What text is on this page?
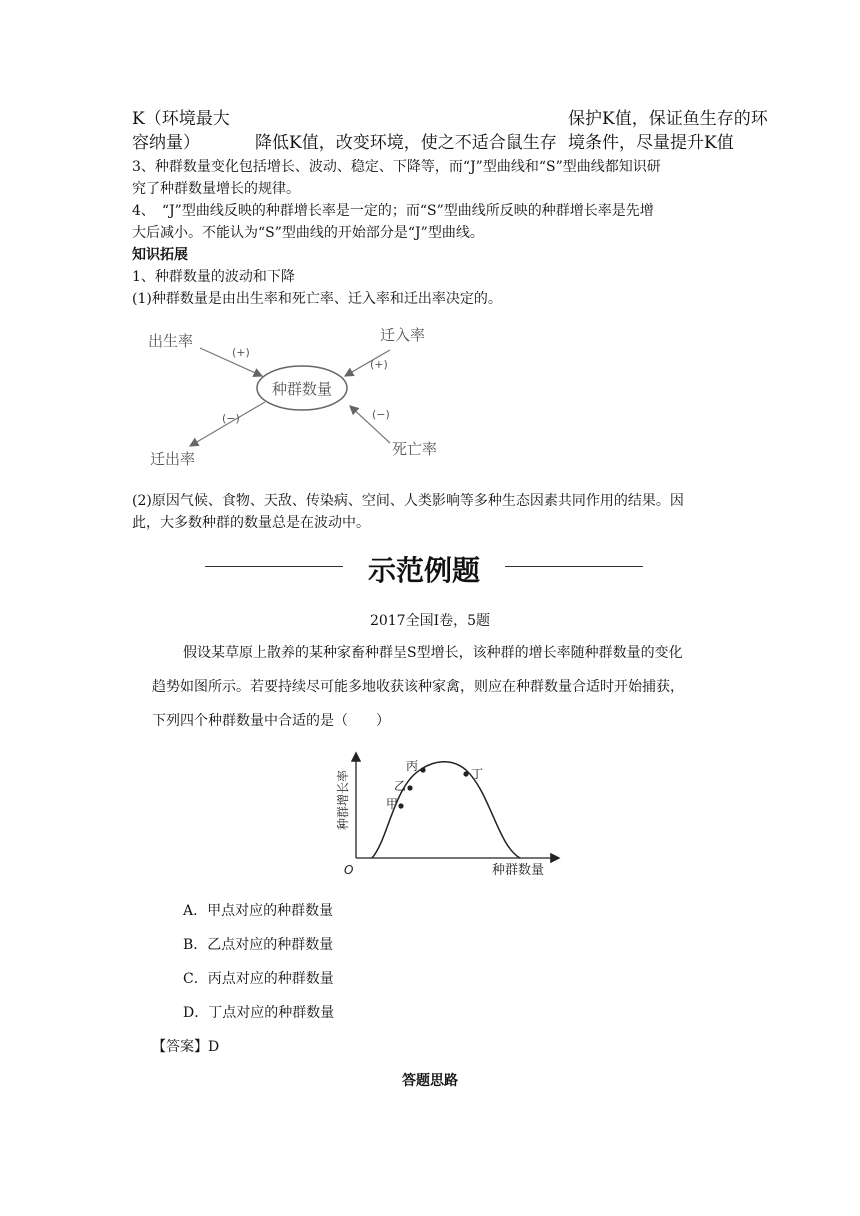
K（环境最大
容纳量）	降低K值，改变环境，使之不适合鼠生存
保护K值，保证鱼生存的环
境条件，尽量提升K值
3、种群数量变化包括增长、波动、稳定、下降等，而“J”型曲线和“S”型曲线都知识研
究了种群数量增长的规律。
4、　“J”型曲线反映的种群增长率是一定的；而“S”型曲线所反映的种群增长率是先增
大后减小。不能认为“S”型曲线的开始部分是“J”型曲线。
知识拓展
1、种群数量的波动和下降
(1)种群数量是由出生率和死亡率、迁入率和迁出率决定的。
种群数量
出生率
(+)
迁入率
(+)
迁出率
(−)
死亡率
(−)
(2)原因气候、食物、天敌、传染病、空间、人类影响等多种生态因素共同作用的结果。因
此，大多数种群的数量总是在波动中。
示范例题
2017全国Ⅰ卷，5题
假设某草原上散养的某种家畜种群呈S型增长，该种群的增长率随种群数量的变化
趋势如图所示。若要持续尽可能多地收获该种家禽，则应在种群数量合适时开始捕获，
下列四个种群数量中合适的是（　　）
种群增长率
种群数量
O
甲
乙
丙
丁
A．甲点对应的种群数量
B．乙点对应的种群数量
C．丙点对应的种群数量
D．丁点对应的种群数量
【答案】D
答题思路
